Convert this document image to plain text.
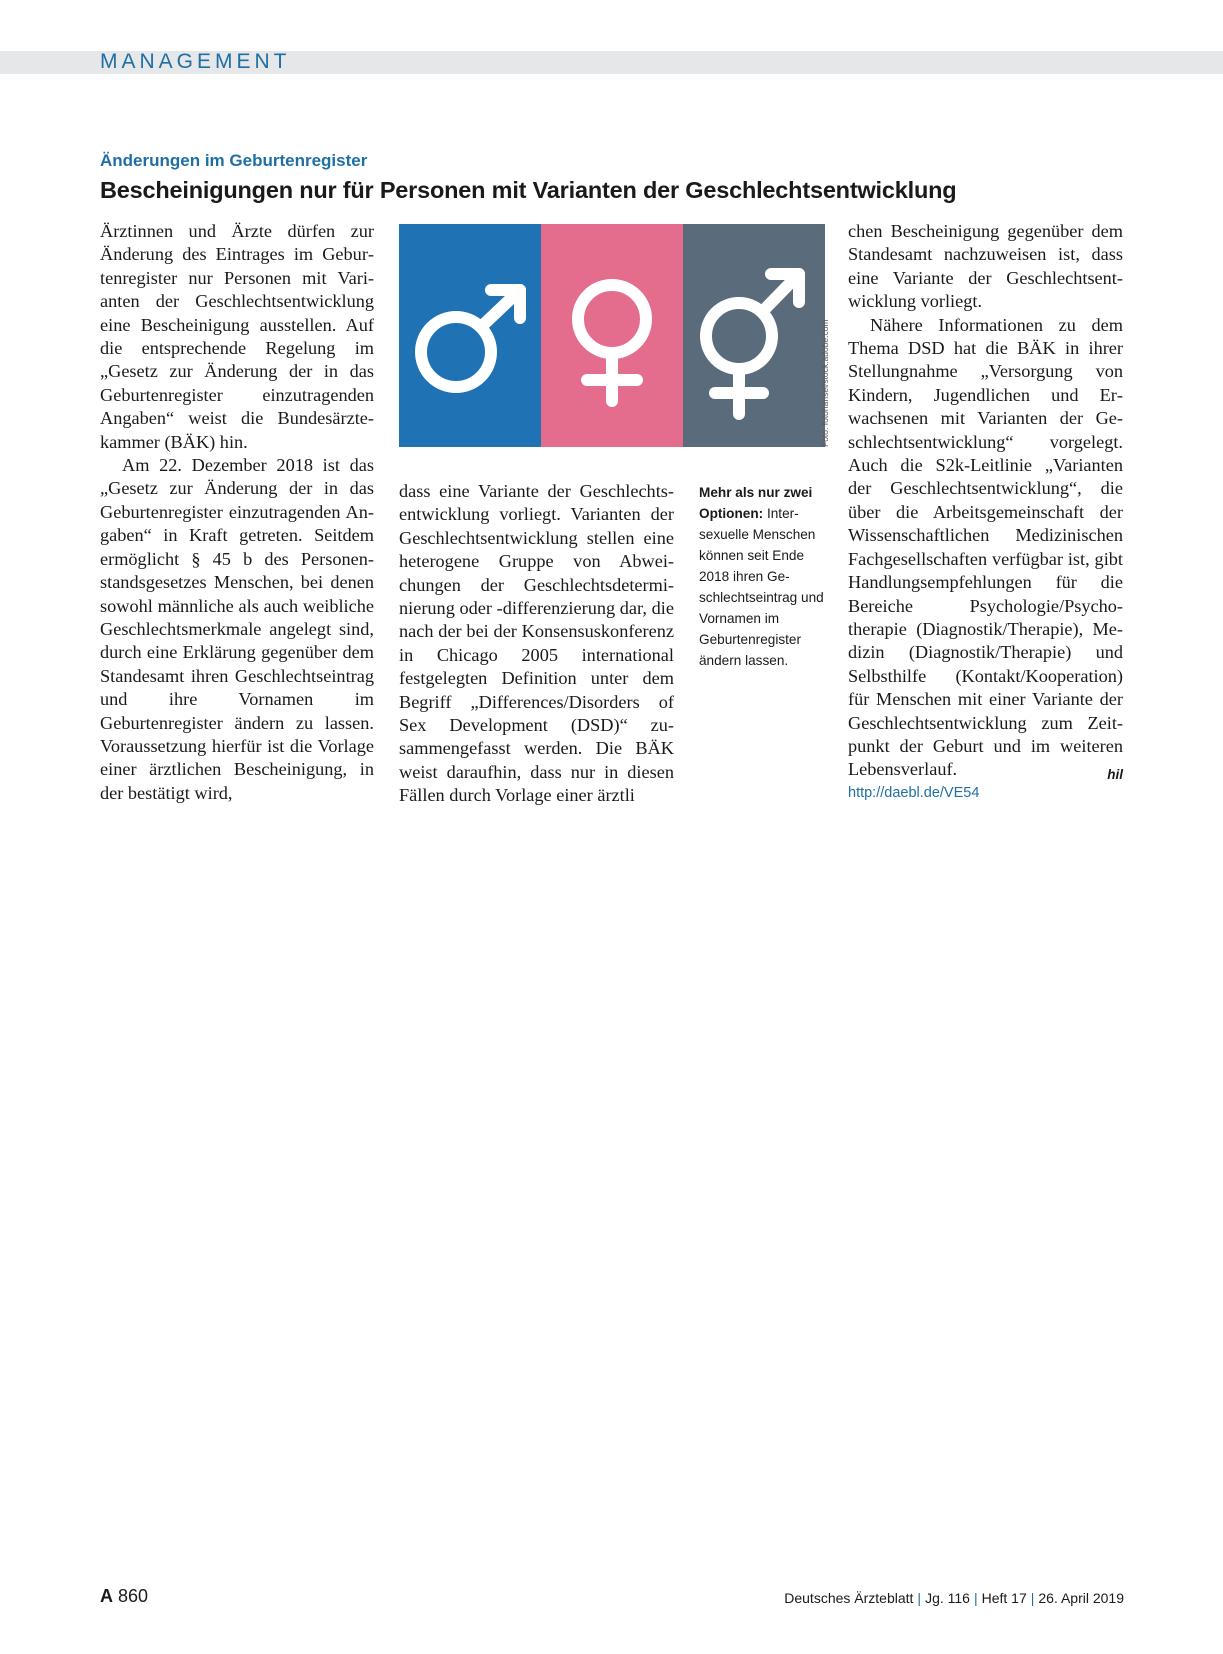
MANAGEMENT
Änderungen im Geburtenregister
Bescheinigungen nur für Personen mit Varianten der Geschlechtsentwicklung

Ärztinnen und Ärzte dürfen zur Änderung des Eintrages im Geburtenregister nur Personen mit Varianten der Geschlechtsentwicklung eine Bescheinigung ausstellen. Auf die entsprechende Regelung im „Gesetz zur Änderung der in das Geburtenregister einzutragenden Angaben“ weist die Bundesärztekammer (BÄK) hin.

Am 22. Dezember 2018 ist das „Gesetz zur Änderung der in das Geburtenregister einzutragenden Angaben“ in Kraft getreten. Seitdem ermöglicht § 45 b des Personenstandsgesetzes Menschen, bei denen sowohl männliche als auch weibliche Geschlechtsmerkmale angelegt sind, durch eine Erklärung gegenüber dem Standesamt ihren Geschlechtseintrag und ihre Vornamen im Geburtenregister ändern zu lassen. Voraussetzung hierfür ist die Vorlage einer ärztlichen Bescheinigung, in der bestätigt wird,

Foto: fotohansel/stock.adobe.com

dass eine Variante der Geschlechtsentwicklung vorliegt. Varianten der Geschlechtsentwicklung stellen eine heterogene Gruppe von Abweichungen der Geschlechtsdeterminierung oder -differenzierung dar, die nach der bei der Konsensuskonferenz in Chicago 2005 international festgelegten Definition unter dem Begriff „Differences/Disorders of Sex Development (DSD)“ zusammengefasst werden. Die BÄK weist daraufhin, dass nur in diesen Fällen durch Vorlage einer ärztli

Mehr als nur zwei Optionen: Intersexuelle Menschen können seit Ende 2018 ihren Geschlechtseintrag und Vornamen im Geburtenregister ändern lassen.

chen Bescheinigung gegenüber dem Standesamt nachzuweisen ist, dass eine Variante der Geschlechtsentwicklung vorliegt.

Nähere Informationen zu dem Thema DSD hat die BÄK in ihrer Stellungnahme „Versorgung von Kindern, Jugendlichen und Erwachsenen mit Varianten der Geschlechtsentwicklung“ vorgelegt. Auch die S2k-Leitlinie „Varianten der Geschlechtsentwicklung“, die über die Arbeitsgemeinschaft der Wissenschaftlichen Medizinischen Fachgesellschaften verfügbar ist, gibt Handlungsempfehlungen für die Bereiche Psychologie/Psychotherapie (Diagnostik/Therapie), Medizin (Diagnostik/Therapie) und Selbsthilfe (Kontakt/Kooperation) für Menschen mit einer Variante der Geschlechtsentwicklung zum Zeitpunkt der Geburt und im weiteren Lebensverlauf.	hil

http://daebl.de/VE54
A 860	Deutsches Ärzteblatt | Jg. 116 | Heft 17 | 26. April 2019
